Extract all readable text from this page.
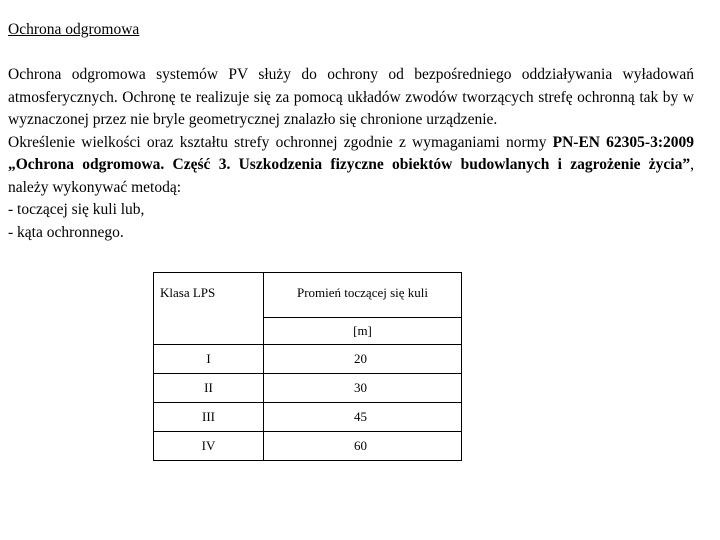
Ochrona odgromowa

Ochrona odgromowa systemów PV służy do ochrony od bezpośredniego oddziaływania wyładowań atmosferycznych. Ochronę te realizuje się za pomocą układów zwodów tworzących strefę ochronną tak by w wyznaczonej przez nie bryle geometrycznej znalazło się chronione urządzenie.

Określenie wielkości oraz kształtu strefy ochronnej zgodnie z wymaganiami normy PN-EN 62305-3:2009 „Ochrona odgromowa. Część 3. Uszkodzenia fizyczne obiektów budowlanych i zagrożenie życia”, należy wykonywać metodą:

- toczącej się kuli lub,

- kąta ochronnego.

Klasa LPS	Promień toczącej się kuli
	[m]
I	20
II	30
III	45
IV	60
